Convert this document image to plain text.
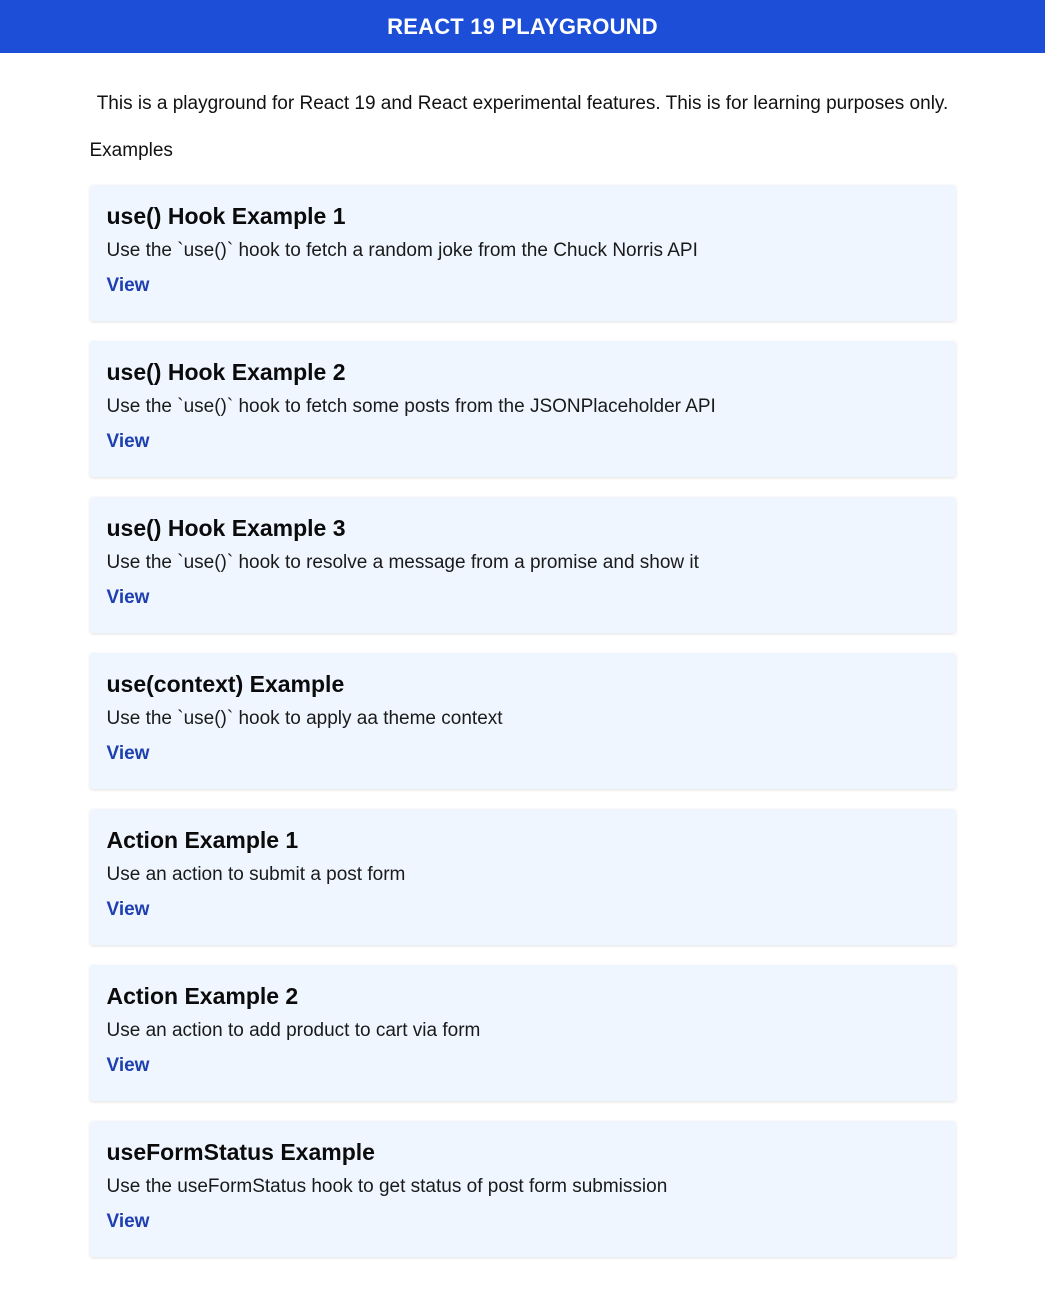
REACT 19 PLAYGROUND

This is a playground for React 19 and React experimental features. This is for learning purposes only.

Examples

use() Hook Example 1

Use the `use()` hook to fetch a random joke from the Chuck Norris API

View
use() Hook Example 2

Use the `use()` hook to fetch some posts from the JSONPlaceholder API

View
use() Hook Example 3

Use the `use()` hook to resolve a message from a promise and show it

View
use(context) Example

Use the `use()` hook to apply aa theme context

View
Action Example 1

Use an action to submit a post form

View
Action Example 2

Use an action to add product to cart via form

View
useFormStatus Example

Use the useFormStatus hook to get status of post form submission

View
